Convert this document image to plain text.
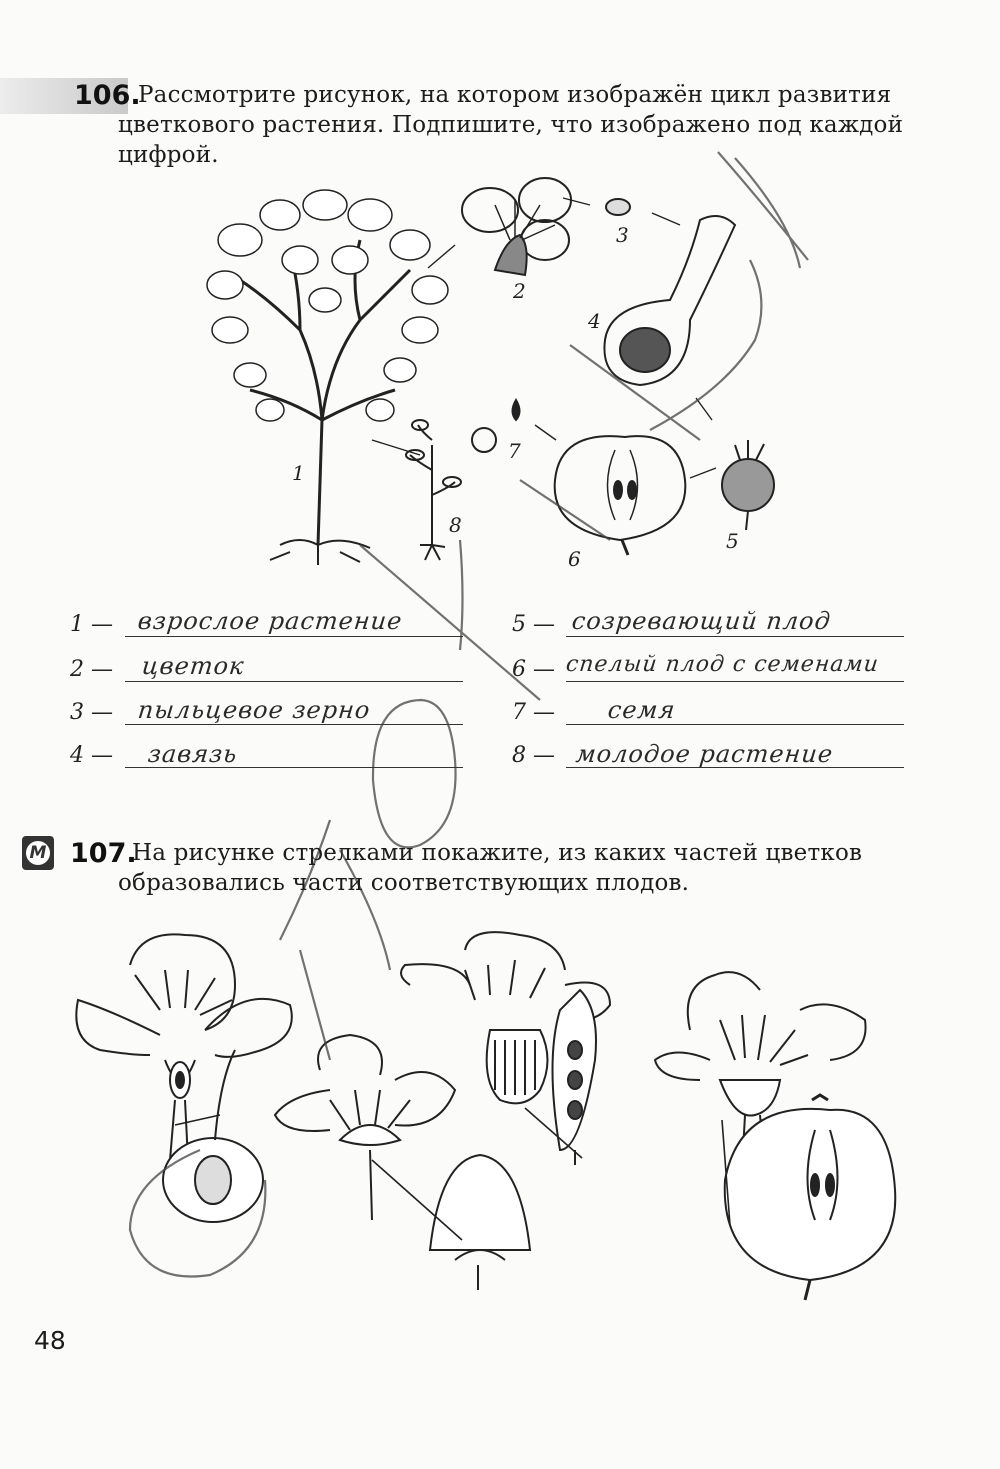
106.
Рассмотрите рисунок, на котором изображён цикл развития
цветкового растения. Подпишите, что изображено под каждой
цифрой.
1
2
3
4
5
6
7
8
1 — взрослое растение
2 — цветок
3 — пыльцевое зерно
4 — завязь
5 — созревающий плод
6 — спелый плод с семенами
7 — семя
8 — молодое растение
M 107.
На рисунке стрелками покажите, из каких частей цветков
образовались части соответствующих плодов.
48
